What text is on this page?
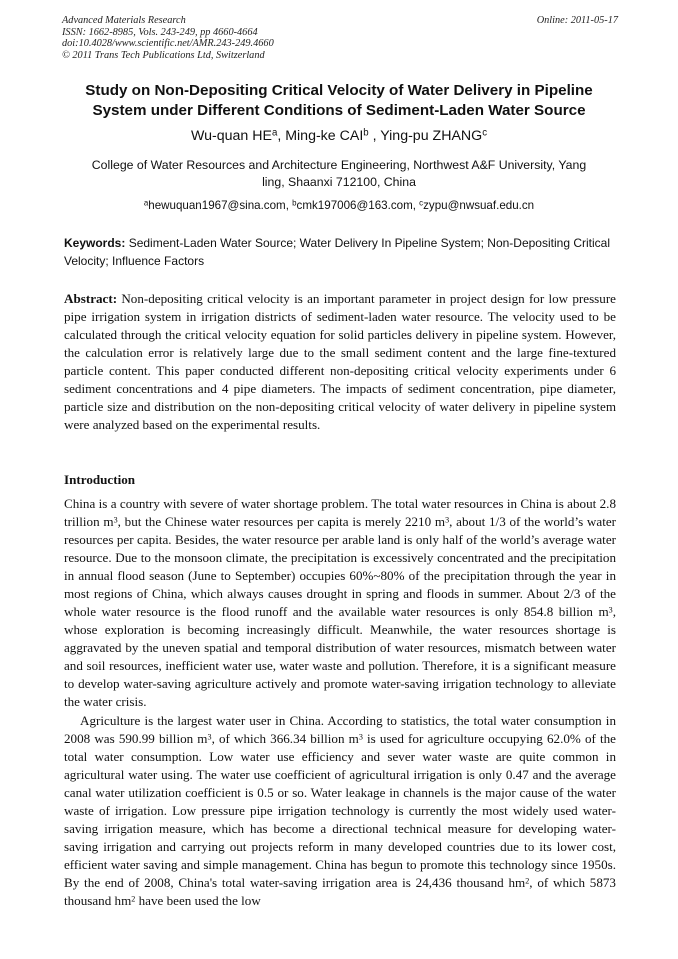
Advanced Materials Research
ISSN: 1662-8985, Vols. 243-249, pp 4660-4664
doi:10.4028/www.scientific.net/AMR.243-249.4660
© 2011 Trans Tech Publications Ltd, Switzerland
Online: 2011-05-17
Study on Non-Depositing Critical Velocity of Water Delivery in Pipeline
System under Different Conditions of Sediment-Laden Water Source
Wu-quan $HE^a$, Ming-ke CAI$^b$ , Ying-pu ZHANG$^c$
College of Water Resources and Architecture Engineering, Northwest A&F University, Yang
ling, Shaanxi 712100, China
$^a$hewuquan1967@sina.com, $^b$cmk197006@163.com, $^c$zypu@nwsuaf.edu.cn
Keywords: Sediment-Laden Water Source; Water Delivery In Pipeline System; Non-Depositing Critical Velocity; Influence Factors
Abstract: Non-depositing critical velocity is an important parameter in project design for low pressure pipe irrigation system in irrigation districts of sediment-laden water resource. The velocity used to be calculated through the critical velocity equation for solid particles delivery in pipeline system. However, the calculation error is relatively large due to the small sediment content and the large fine-textured particle content. This paper conducted different non-depositing critical velocity experiments under 6 sediment concentrations and 4 pipe diameters. The impacts of sediment concentration, pipe diameter, particle size and distribution on the non-depositing critical velocity of water delivery in pipeline system were analyzed based on the experimental results.
Introduction
China is a country with severe of water shortage problem. The total water resources in China is about 2.8 trillion $m^3$, but the Chinese water resources per capita is merely 2210 $m^3$, about 1/3 of the world’s water resources per capita. Besides, the water resource per arable land is only half of the world’s average water resource. Due to the monsoon climate, the precipitation is excessively concentrated and the precipitation in annual flood season (June to September) occupies 60%~80% of the precipitation through the year in most regions of China, which always causes drought in spring and floods in summer. About 2/3 of the whole water resource is the flood runoff and the available water resources is only 854.8 billion $m^3$, whose exploration is becoming increasingly difficult. Meanwhile, the water resources shortage is aggravated by the uneven spatial and temporal distribution of water resources, mismatch between water and soil resources, inefficient water use, water waste and pollution. Therefore, it is a significant measure to develop water-saving agriculture actively and promote water-saving irrigation technology to alleviate the water crisis.
Agriculture is the largest water user in China. According to statistics, the total water consumption in 2008 was 590.99 billion $m^3$, of which 366.34 billion $m^3$ is used for agriculture occupying 62.0% of the total water consumption. Low water use efficiency and sever water waste are quite common in agricultural water using. The water use coefficient of agricultural irrigation is only 0.47 and the average canal water utilization coefficient is 0.5 or so. Water leakage in channels is the major cause of the water waste of irrigation. Low pressure pipe irrigation technology is currently the most widely used water-saving irrigation measure, which has become a directional technical measure for developing water-saving irrigation and carrying out projects reform in many developed countries due to its lower cost, efficient water saving and simple management. China has begun to promote this technology since 1950s. By the end of 2008, China's total water-saving irrigation area is 24,436 thousand $hm^2$, of which 5873 thousand $hm^2$ have been used the low
